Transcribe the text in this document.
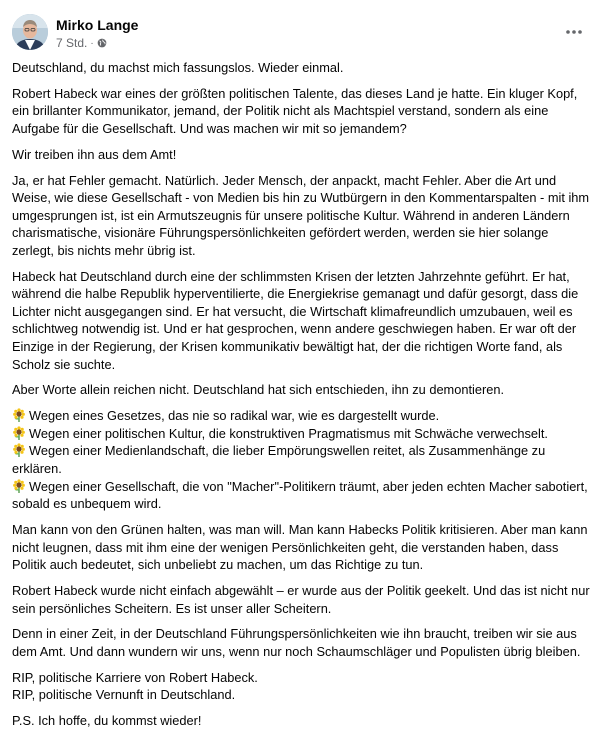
Mirko Lange
7 Std. ·

Deutschland, du machst mich fassungslos. Wieder einmal.

Robert Habeck war eines der größten politischen Talente, das dieses Land je hatte. Ein kluger Kopf, ein brillanter Kommunikator, jemand, der Politik nicht als Machtspiel verstand, sondern als eine Aufgabe für die Gesellschaft. Und was machen wir mit so jemandem?

Wir treiben ihn aus dem Amt!

Ja, er hat Fehler gemacht. Natürlich. Jeder Mensch, der anpackt, macht Fehler. Aber die Art und Weise, wie diese Gesellschaft - von Medien bis hin zu Wutbürgern in den Kommentarspalten - mit ihm umgesprungen ist, ist ein Armutszeugnis für unsere politische Kultur. Während in anderen Ländern charismatische, visionäre Führungspersönlichkeiten gefördert werden, werden sie hier solange zerlegt, bis nichts mehr übrig ist.

Habeck hat Deutschland durch eine der schlimmsten Krisen der letzten Jahrzehnte geführt. Er hat, während die halbe Republik hyperventilierte, die Energiekrise gemanagt und dafür gesorgt, dass die Lichter nicht ausgegangen sind. Er hat versucht, die Wirtschaft klimafreundlich umzubauen, weil es schlichtweg notwendig ist. Und er hat gesprochen, wenn andere geschwiegen haben. Er war oft der Einzige in der Regierung, der Krisen kommunikativ bewältigt hat, der die richtigen Worte fand, als Scholz sie suchte.

Aber Worte allein reichen nicht. Deutschland hat sich entschieden, ihn zu demontieren.

Wegen eines Gesetzes, das nie so radikal war, wie es dargestellt wurde.
Wegen einer politischen Kultur, die konstruktiven Pragmatismus mit Schwäche verwechselt.
Wegen einer Medienlandschaft, die lieber Empörungswellen reitet, als Zusammenhänge zu erklären.
Wegen einer Gesellschaft, die von "Macher"-Politikern träumt, aber jeden echten Macher sabotiert, sobald es unbequem wird.

Man kann von den Grünen halten, was man will. Man kann Habecks Politik kritisieren. Aber man kann nicht leugnen, dass mit ihm eine der wenigen Persönlichkeiten geht, die verstanden haben, dass Politik auch bedeutet, sich unbeliebt zu machen, um das Richtige zu tun.

Robert Habeck wurde nicht einfach abgewählt – er wurde aus der Politik geekelt. Und das ist nicht nur sein persönliches Scheitern. Es ist unser aller Scheitern.

Denn in einer Zeit, in der Deutschland Führungspersönlichkeiten wie ihn braucht, treiben wir sie aus dem Amt. Und dann wundern wir uns, wenn nur noch Schaumschläger und Populisten übrig bleiben.

RIP, politische Karriere von Robert Habeck.
RIP, politische Vernunft in Deutschland.

P.S. Ich hoffe, du kommst wieder!
